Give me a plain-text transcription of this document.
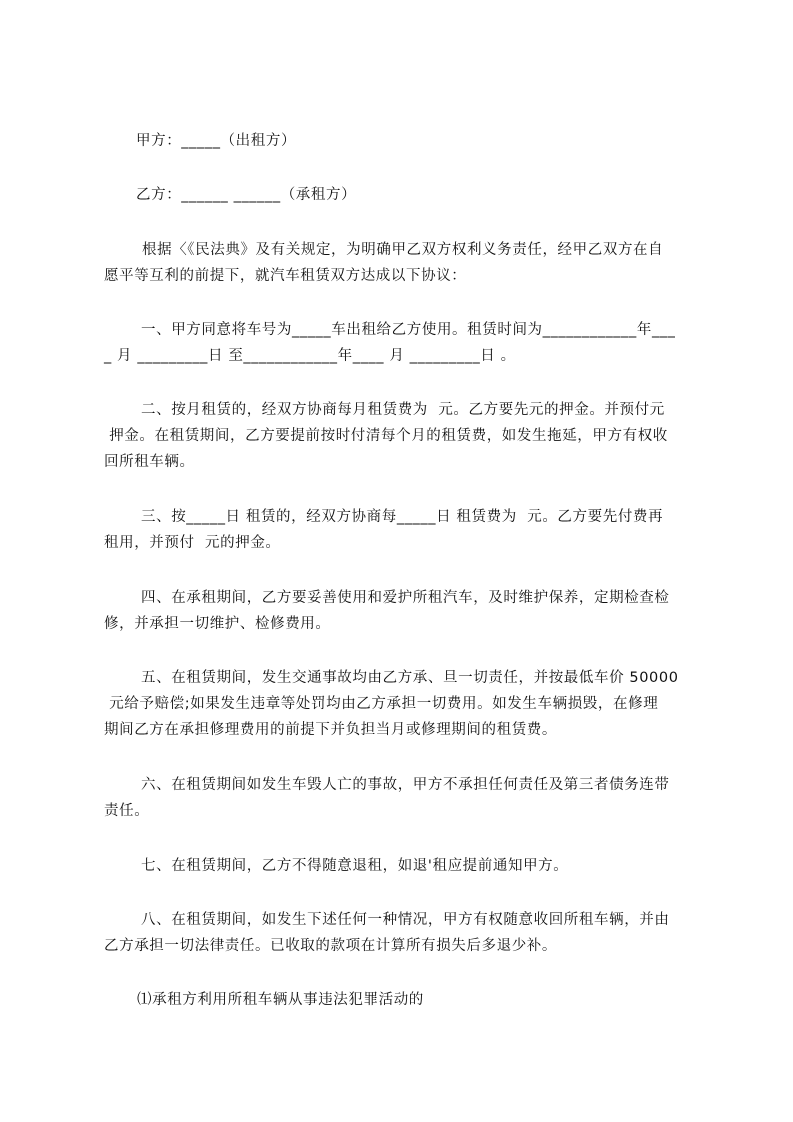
甲方：_____（出租方）
乙方：______ ______（承租方）
根据〈《民法典》及有关规定，为明确甲乙双方权利义务责任，经甲乙双方在自
愿平等互利的前提下，就汽车租赁双方达成以下协议：
一、甲方同意将车号为_____车出租给乙方使用。租赁时间为____________年___
_ 月 _________日 至____________年____ 月 _________日 。
二、按月租赁的，经双方协商每月租赁费为  元。乙方要先元的押金。并预付元
押金。在租赁期间，乙方要提前按时付清每个月的租赁费，如发生拖延，甲方有权收
回所租车辆。
三、按_____日 租赁的，经双方协商每_____日 租赁费为  元。乙方要先付费再
租用，并预付  元的押金。
四、在承租期间，乙方要妥善使用和爱护所租汽车，及时维护保养，定期检查检
修，并承担一切维护、检修费用。
五、在租赁期间，发生交通事故均由乙方承、旦一切责任，并按最低车价 50000
元给予赔偿;如果发生违章等处罚均由乙方承担一切费用。如发生车辆损毁，在修理
期间乙方在承担修理费用的前提下并负担当月或修理期间的租赁费。
六、在租赁期间如发生车毁人亡的事故，甲方不承担任何责任及第三者债务连带
责任。
七、在租赁期间，乙方不得随意退租，如退'租应提前通知甲方。
八、在租赁期间，如发生下述任何一种情况，甲方有权随意收回所租车辆，并由
乙方承担一切法律责任。已收取的款项在计算所有损失后多退少补。
⑴承租方利用所租车辆从事违法犯罪活动的
